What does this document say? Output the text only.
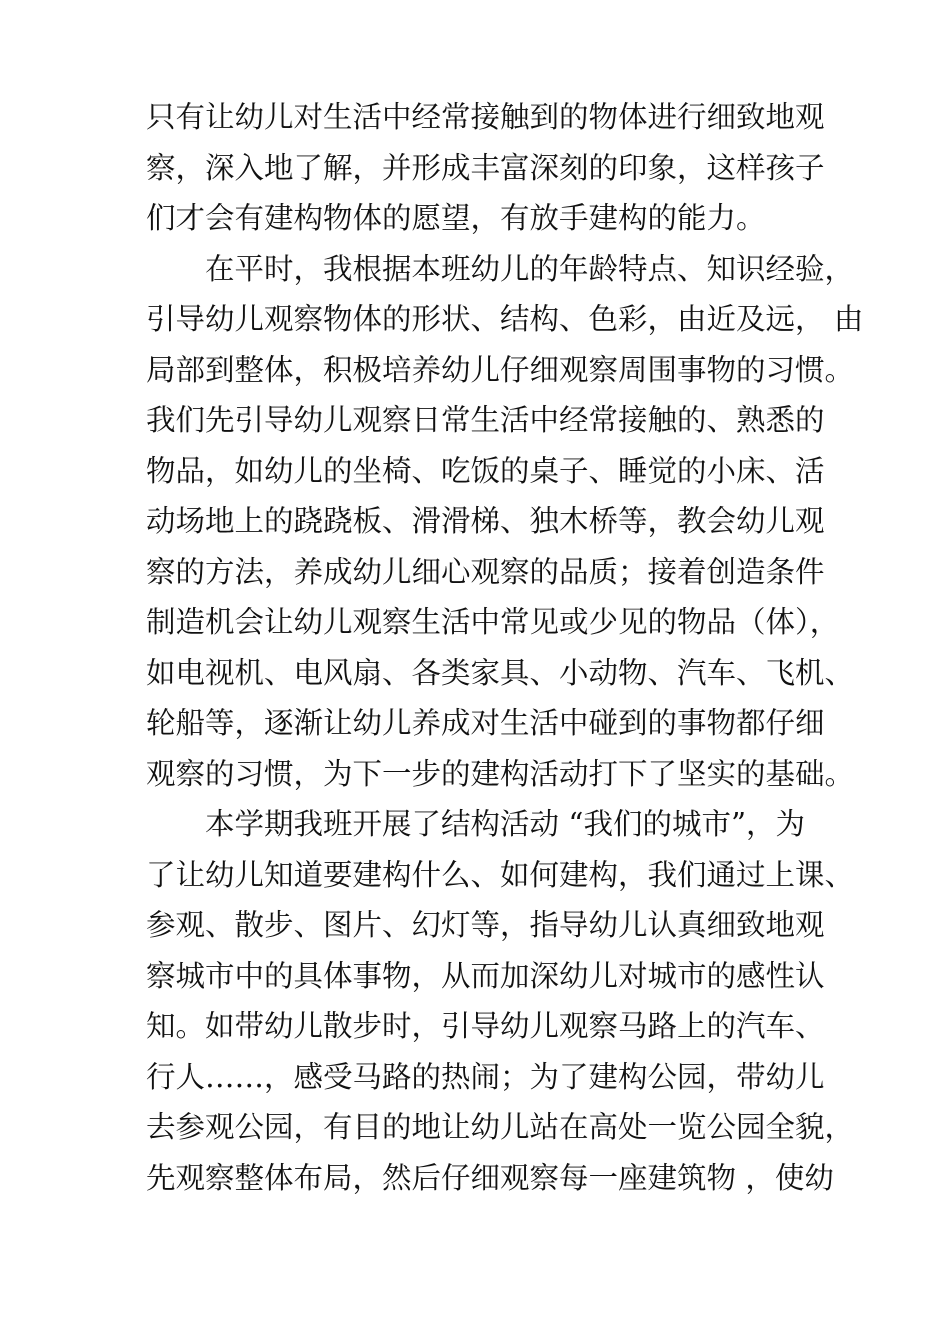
只有让幼儿对生活中经常接触到的物体进行细致地观
察，深入地了解，并形成丰富深刻的印象，这样孩子
们才会有建构物体的愿望，有放手建构的能力。
在平时，我根据本班幼儿的年龄特点、知识经验，
引导幼儿观察物体的形状、结构、色彩，由近及远， 由
局部到整体，积极培养幼儿仔细观察周围事物的习惯。
我们先引导幼儿观察日常生活中经常接触的、熟悉的
物品，如幼儿的坐椅、吃饭的桌子、睡觉的小床、活
动场地上的跷跷板、滑滑梯、独木桥等，教会幼儿观
察的方法，养成幼儿细心观察的品质；接着创造条件
制造机会让幼儿观察生活中常见或少见的物品（体），
如电视机、电风扇、各类家具、小动物、汽车、飞机、
轮船等，逐渐让幼儿养成对生活中碰到的事物都仔细
观察的习惯，为下一步的建构活动打下了坚实的基础。
本学期我班开展了结构活动 “我们的城市”，为
了让幼儿知道要建构什么、如何建构，我们通过上课、
参观、散步、图片、幻灯等，指导幼儿认真细致地观
察城市中的具体事物，从而加深幼儿对城市的感性认
知。如带幼儿散步时，引导幼儿观察马路上的汽车、
行人……，感受马路的热闹；为了建构公园，带幼儿
去参观公园，有目的地让幼儿站在高处一览公园全貌，
先观察整体布局，然后仔细观察每一座建筑物 ，使幼
